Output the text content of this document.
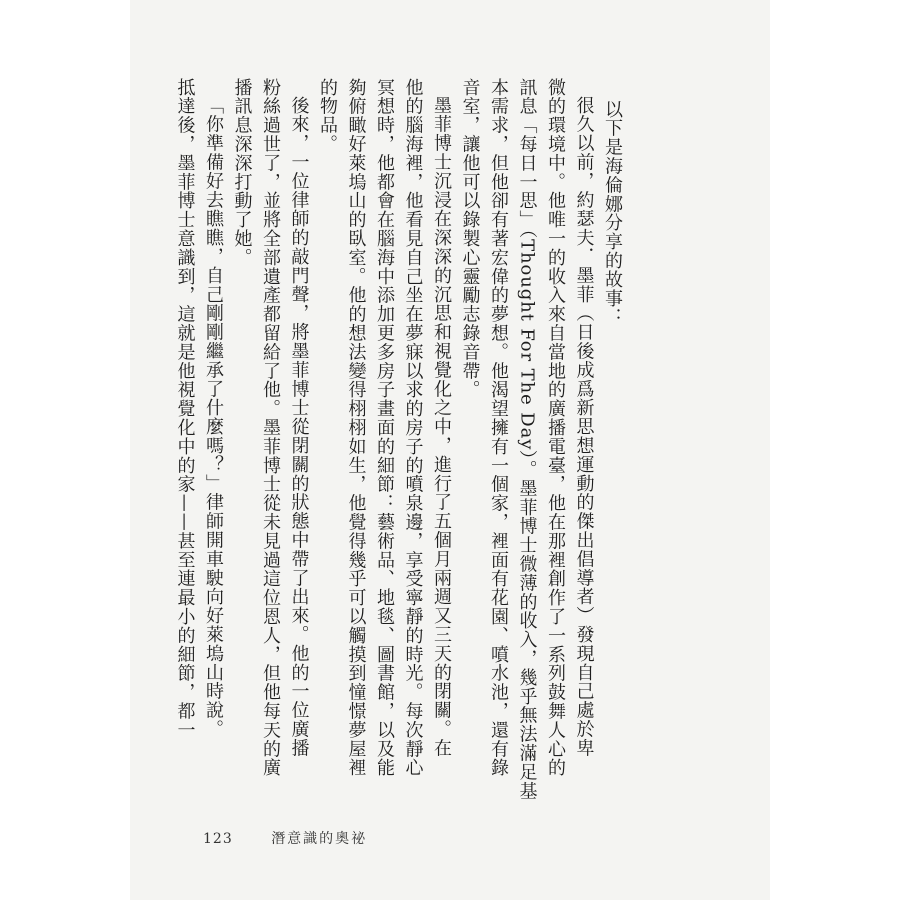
以下是海倫娜分享的故事：
很久以前，約瑟夫．墨菲（日後成爲新思想運動的傑出倡導者）發現自己處於卑
微的環境中。他唯一的收入來自當地的廣播電臺，他在那裡創作了一系列鼓舞人心的
訊息「每日一思」（Thought For The Day）。墨菲博士微薄的收入，幾乎無法滿足基
本需求，但他卻有著宏偉的夢想。他渴望擁有一個家，裡面有花園、噴水池，還有錄
音室，讓他可以錄製心靈勵志錄音帶。
墨菲博士沉浸在深深的沉思和視覺化之中，進行了五個月兩週又三天的閉關。在
他的腦海裡，他看見自己坐在夢寐以求的房子的噴泉邊，享受寧靜的時光。每次靜心
冥想時，他都會在腦海中添加更多房子畫面的細節：藝術品、地毯、圖書館，以及能
夠俯瞰好萊塢山的臥室。他的想法變得栩栩如生，他覺得幾乎可以觸摸到憧憬夢屋裡
的物品。
後來，一位律師的敲門聲，將墨菲博士從閉關的狀態中帶了出來。他的一位廣播
粉絲過世了，並將全部遺產都留給了他。墨菲博士從未見過這位恩人，但他每天的廣
播訊息深深打動了她。
「你準備好去瞧瞧，自己剛剛繼承了什麼嗎？」律師開車駛向好萊塢山時說。
抵達後，墨菲博士意識到，這就是他視覺化中的家——甚至連最小的細節，都一
123	潛意識的奧祕
